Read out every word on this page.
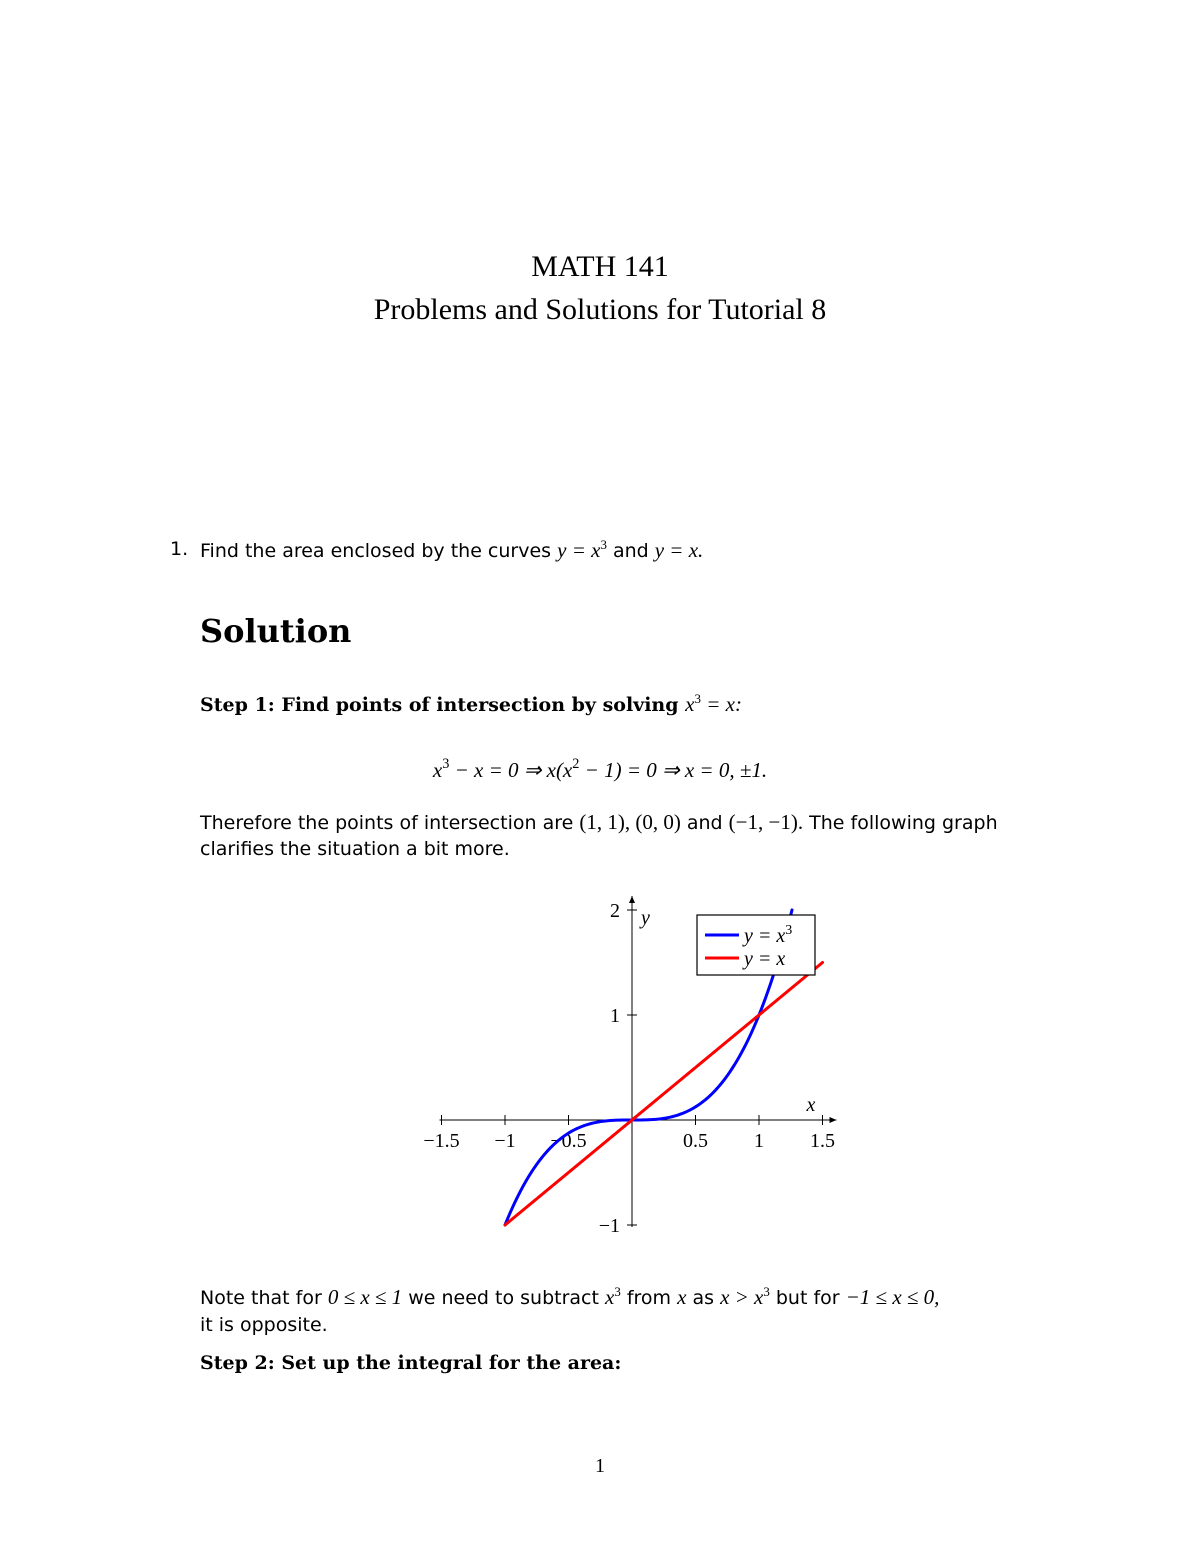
MATH 141
Problems and Solutions for Tutorial 8
1. Find the area enclosed by the curves $y = x^3$ and y = x.
Solution
Step 1: Find points of intersection by solving $x^3 = x$:
$x^3 - x = 0$ ⇒ $x(x^2 - 1) = 0$ ⇒ x = 0, ±1.
Therefore the points of intersection are (1, 1), (0, 0) and (−1, −1). The following graph
clarifies the situation a bit more.
x
y
−1.5 −1 −0.5	0.5 1 1.5
−1
1
2
$y = x^3$
y = x
Note that for 0 ≤ x ≤ 1 we need to subtract $x^3$ from x as $x > x^3$ but for −1 ≤ x ≤ 0,
it is opposite.
Step 2: Set up the integral for the area:
1
